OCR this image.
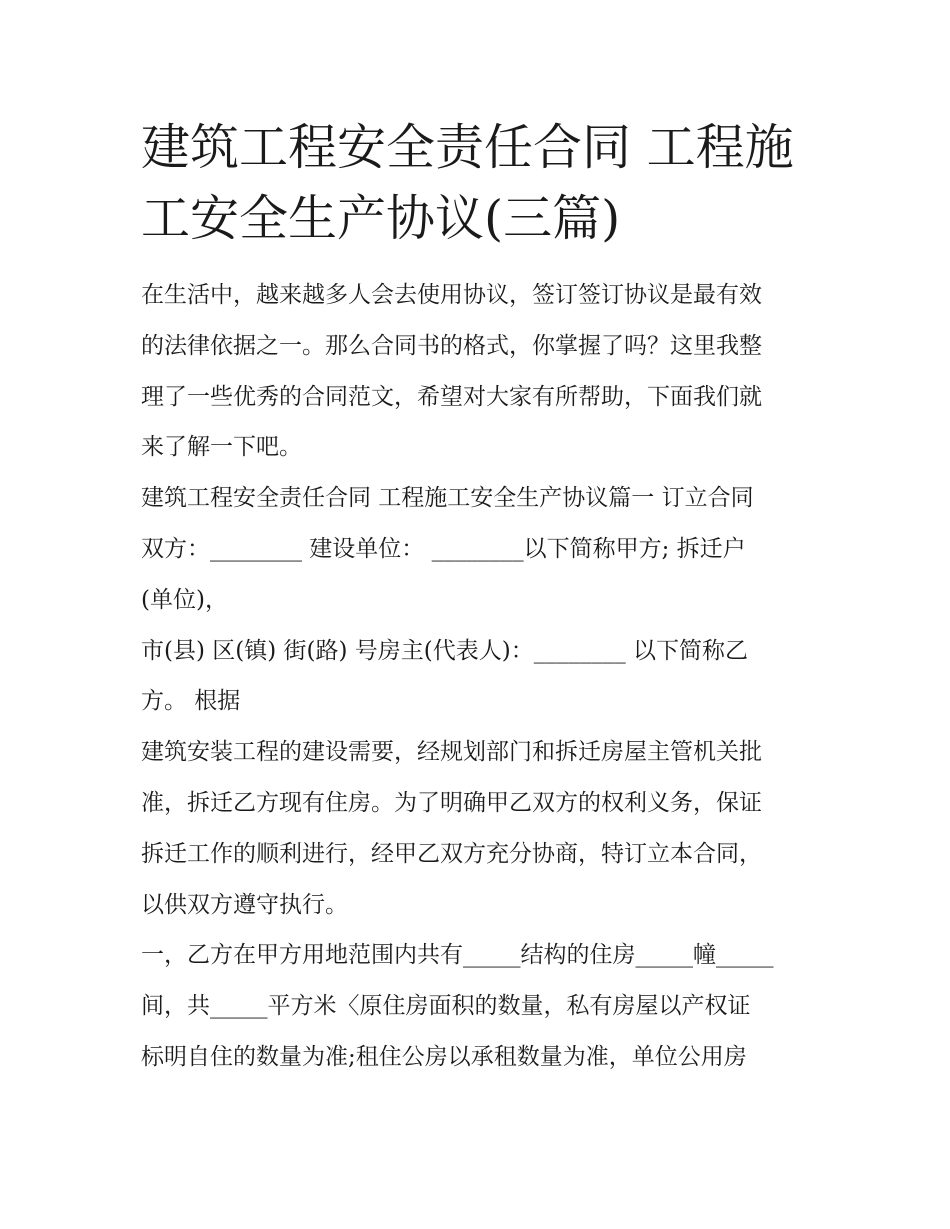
建筑工程安全责任合同 工程施
工安全生产协议(三篇)

在生活中，越来越多人会去使用协议，签订签订协议是最有效
的法律依据之一。那么合同书的格式，你掌握了吗？这里我整
理了一些优秀的合同范文，希望对大家有所帮助，下面我们就
来了解一下吧。

建筑工程安全责任合同 工程施工安全生产协议篇一 订立合同
双方：________ 建设单位： ________以下简称甲方; 拆迁户
(单位)，

市(县) 区(镇) 街(路) 号房主(代表人)：________ 以下简称乙
方。 根据

建筑安装工程的建设需要，经规划部门和拆迁房屋主管机关批
准，拆迁乙方现有住房。为了明确甲乙双方的权利义务，保证
拆迁工作的顺利进行，经甲乙双方充分协商，特订立本合同，
以供双方遵守执行。

一，乙方在甲方用地范围内共有_____结构的住房_____幢_____
间，共_____平方米〈原住房面积的数量，私有房屋以产权证
标明自住的数量为准;租住公房以承租数量为准，单位公用房
